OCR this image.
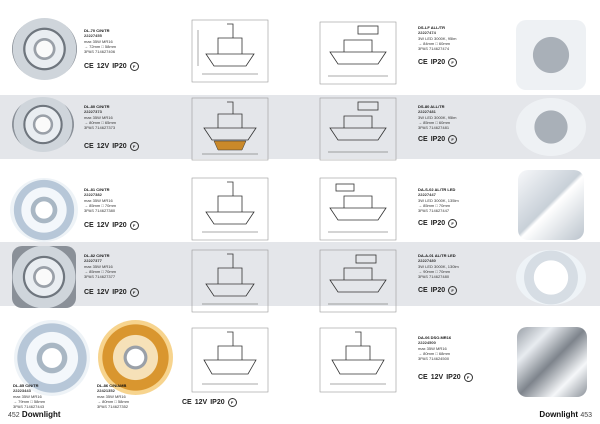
DL-70 C/N/TR
22227455
max 35W MR16
→ 72mm □ 58mm
3PAS 714627406
DL-80 C/N/TR
22227373
max 35W MR16
→ 80mm □ 65mm
3PAS 714627373
DL-81 C/N/TR
22227382
max 35W MR16
→ 85mm □ 70mm
3PAS 714627380
DL-82 C/N/TR
22227377
max 35W MR16
→ 85mm □ 70mm
3PAS 714627377
DL-85 C/N/TR
22223443
max 35W MR16
→ 79mm □ 58mm
3PAS 714627443
DL-86 C/N/AMB
22421352
max 35W MR16
→ 80mm □ 58mm
3PAS 714627352
CE 12V IP20	F
CE 12V IP20	F
CE 12V IP20	F
CE 12V IP20	F
CE 12V IP20	F
DS-LF ALL/TR
22227474
3W LED 3000K, 95lm
→ 84mm □ 60mm
3PAS 714627474
DS-80 ALL/TR
22227481
3W LED 3000K, 95lm
→ 85mm □ 60mm
3PAS 714627481
DA-S-02 AL/TR LED
22227447
3W LED 3000K, 135lm
→ 85mm □ 70mm
3PAS 714627447
DA-A-01 AL/TR LED
22227480
3W LED 3000K, 130lm
→ 90mm □ 70mm
3PAS 714627480
DA-06 DSO.MR16
22224500
max 35W MR16
→ 80mm □ 68mm
3PAS 714624500
CE IP20	F
CE IP20	F
CE IP20	F
CE IP20	F
CE 12V IP20	F
452 Downlight	Downlight 453
